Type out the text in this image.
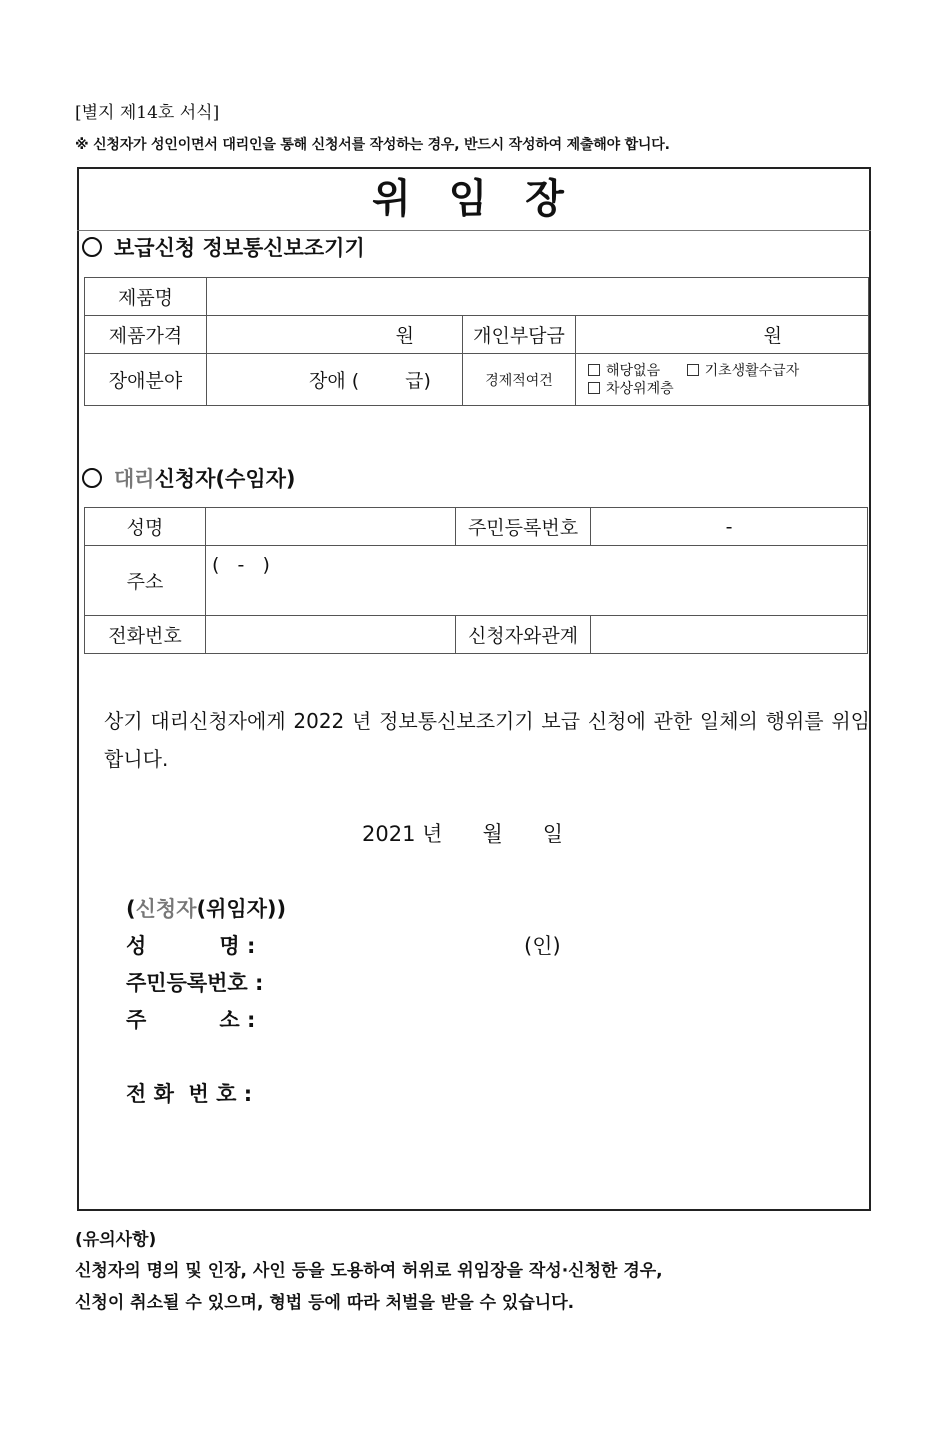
[별지 제14호 서식]
※ 신청자가 성인이면서 대리인을 통해 신청서를 작성하는 경우, 반드시 작성하여 제출해야 합니다.
위 임 장
보급신청 정보통신보조기기
제품명			
제품가격	원	개인부담금	원
장애분야	장애 ( 급)	경제적여건	해당없음 기초생활수급자
차상위계층
대리신청자(수임자)
성명		주민등록번호	-
주소	(   -   )		
전화번호		신청자와관계	
상기 대리신청자에게 2022 년 정보통신보조기기 보급 신청에 관한 일체의 행위를 위임합니다.
2021 년      월      일
(신청자(위임자))
성          명 :	(인)
주민등록번호 :
주          소 :
전 화  번 호 :
(유의사항)
신청자의 명의 및 인장, 사인 등을 도용하여 허위로 위임장을 작성·신청한 경우,
신청이 취소될 수 있으며, 형법 등에 따라 처벌을 받을 수 있습니다.
